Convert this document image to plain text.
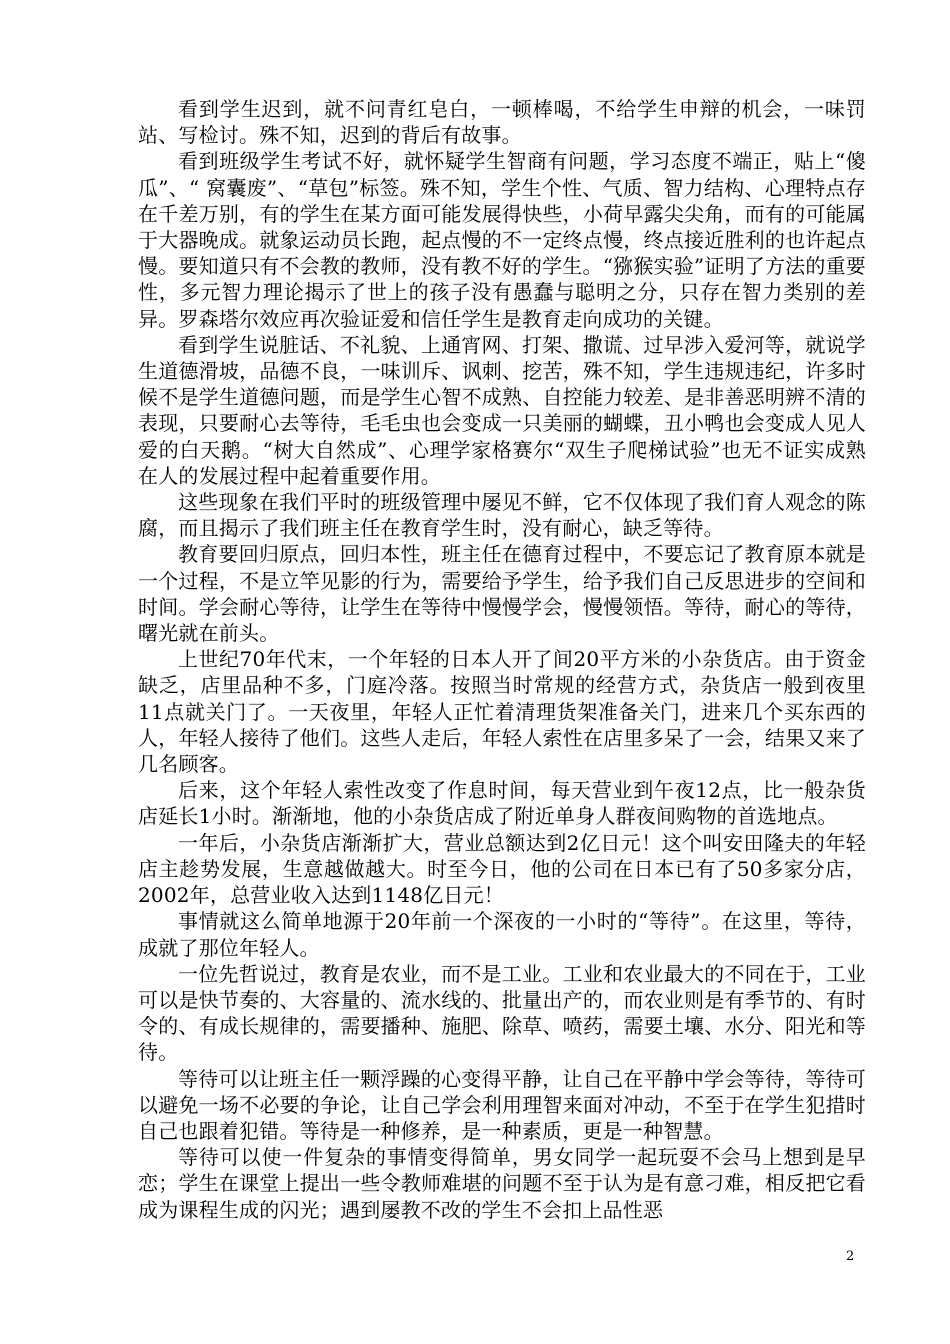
看到学生迟到，就不问青红皂白，一顿棒喝，不给学生申辩的机会，一味罚站、写检讨。殊不知，迟到的背后有故事。

看到班级学生考试不好，就怀疑学生智商有问题，学习态度不端正，贴上“傻瓜”、“ 窝囊废”、“草包”标签。殊不知，学生个性、气质、智力结构、心理特点存在千差万别，有的学生在某方面可能发展得快些，小荷早露尖尖角，而有的可能属于大器晚成。就象运动员长跑，起点慢的不一定终点慢，终点接近胜利的也许起点慢。要知道只有不会教的教师，没有教不好的学生。“猕猴实验”证明了方法的重要性，多元智力理论揭示了世上的孩子没有愚蠢与聪明之分，只存在智力类别的差异。罗森塔尔效应再次验证爱和信任学生是教育走向成功的关键。

看到学生说脏话、不礼貌、上通宵网、打架、撒谎、过早涉入爱河等，就说学生道德滑坡，品德不良，一味训斥、讽刺、挖苦，殊不知，学生违规违纪，许多时候不是学生道德问题，而是学生心智不成熟、自控能力较差、是非善恶明辨不清的表现，只要耐心去等待，毛毛虫也会变成一只美丽的蝴蝶，丑小鸭也会变成人见人爱的白天鹅。“树大自然成”、心理学家格赛尔“双生子爬梯试验”也无不证实成熟在人的发展过程中起着重要作用。

这些现象在我们平时的班级管理中屡见不鲜，它不仅体现了我们育人观念的陈腐，而且揭示了我们班主任在教育学生时，没有耐心，缺乏等待。

教育要回归原点，回归本性，班主任在德育过程中，不要忘记了教育原本就是一个过程，不是立竿见影的行为，需要给予学生，给予我们自己反思进步的空间和时间。学会耐心等待，让学生在等待中慢慢学会，慢慢领悟。等待，耐心的等待，曙光就在前头。

上世纪70年代末，一个年轻的日本人开了间20平方米的小杂货店。由于资金缺乏，店里品种不多，门庭冷落。按照当时常规的经营方式，杂货店一般到夜里11点就关门了。一天夜里，年轻人正忙着清理货架准备关门，进来几个买东西的人，年轻人接待了他们。这些人走后，年轻人索性在店里多呆了一会，结果又来了几名顾客。

后来，这个年轻人索性改变了作息时间，每天营业到午夜12点，比一般杂货店延长1小时。渐渐地，他的小杂货店成了附近单身人群夜间购物的首选地点。

一年后，小杂货店渐渐扩大，营业总额达到2亿日元！这个叫安田隆夫的年轻店主趁势发展，生意越做越大。时至今日，他的公司在日本已有了50多家分店，2002年，总营业收入达到1148亿日元！

事情就这么简单地源于20年前一个深夜的一小时的“等待”。在这里，等待，成就了那位年轻人。

一位先哲说过，教育是农业，而不是工业。工业和农业最大的不同在于，工业可以是快节奏的、大容量的、流水线的、批量出产的，而农业则是有季节的、有时令的、有成长规律的，需要播种、施肥、除草、喷药，需要土壤、水分、阳光和等待。

等待可以让班主任一颗浮躁的心变得平静，让自己在平静中学会等待，等待可以避免一场不必要的争论，让自己学会利用理智来面对冲动，不至于在学生犯措时自己也跟着犯错。等待是一种修养，是一种素质，更是一种智慧。

等待可以使一件复杂的事情变得简单，男女同学一起玩耍不会马上想到是早恋；学生在课堂上提出一些令教师难堪的问题不至于认为是有意刁难，相反把它看成为课程生成的闪光；遇到屡教不改的学生不会扣上品性恶

2
